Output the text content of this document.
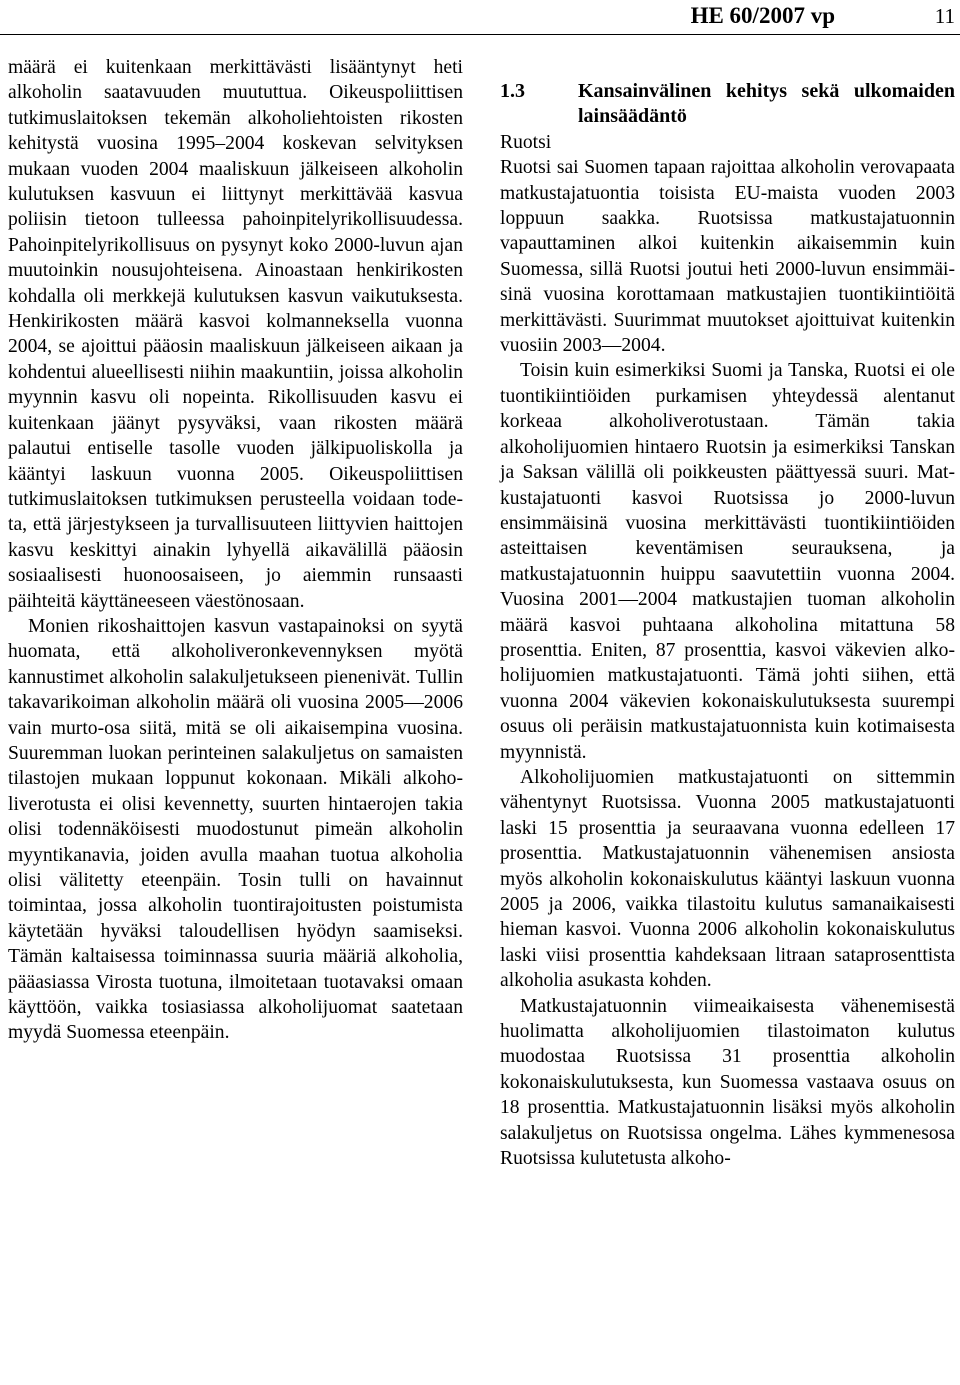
HE 60/2007 vp	11

määrä ei kuitenkaan merkittävästi lisääntynyt heti alkoholin saatavuuden muututtua. Oikeuspoliittisen tutkimuslaitoksen tekemän alkoholiehtoisten rikosten kehitystä vuosina 1995–2004 koskevan selvityksen mukaan vuoden 2004 maaliskuun jälkeiseen alkoholin kulutuksen kasvuun ei liittynyt merkittävää kasvua poliisin tietoon tulleessa pahoinpitelyrikollisuudessa. Pahoinpitelyrikollisuus on pysynyt koko 2000-luvun ajan muutoinkin nousujohteisena. Ainoastaan henkirikosten kohdalla oli merkkejä kulutuksen kasvun vaikutuksesta. Henkirikosten määrä kasvoi kolmanneksella vuonna 2004, se ajoittui pääosin maaliskuun jälkeiseen aikaan ja kohdentui alueellisesti niihin maakuntiin, joissa alkoholin myynnin kasvu oli nopeinta. Rikollisuuden kasvu ei kuitenkaan jäänyt pysyväksi, vaan rikosten määrä palautui entiselle tasolle vuoden jälkipuoliskolla ja kääntyi laskuun vuonna 2005. Oikeuspoliittisen tutkimuslaitoksen tutkimuksen perusteella voidaan todeta, että järjestykseen ja turvallisuuteen liittyvien haittojen kasvu keskittyi ainakin lyhyellä aikavälillä pääosin sosiaalisesti huonoosaiseen, jo aiemmin runsaasti päihteitä käyttäneeseen väestönosaan.

Monien rikoshaittojen kasvun vastapainoksi on syytä huomata, että alkoholiveronkevennyksen myötä kannustimet alkoholin salakuljetukseen pienenivät. Tullin takavarikoiman alkoholin määrä oli vuosina 2005—2006 vain murto-osa siitä, mitä se oli aikaisempina vuosina. Suuremman luokan perinteinen salakuljetus on samaisten tilastojen mukaan loppunut kokonaan. Mikäli alkoholiverotusta ei olisi kevennetty, suurten hintaerojen takia olisi todennäköisesti muodostunut pimeän alkoholin myyntikanavia, joiden avulla maahan tuotua alkoholia olisi välitetty eteenpäin. Tosin tulli on havainnut toimintaa, jossa alkoholin tuontirajoitusten poistumista käytetään hyväksi taloudellisen hyödyn saamiseksi. Tämän kaltaisessa toiminnassa suuria määriä alkoholia, pääasiassa Virosta tuotuna, ilmoitetaan tuotavaksi omaan käyttöön, vaikka tosiasiassa alkoholijuomat saatetaan myydä Suomessa eteenpäin.

1.3	Kansainvälinen kehitys sekä ulkomaiden lainsäädäntö

Ruotsi

Ruotsi sai Suomen tapaan rajoittaa alkoholin verovapaata matkustajatuontia toisista EU-maista vuoden 2003 loppuun saakka. Ruotsissa matkustajatuonnin vapauttaminen alkoi kuitenkin aikaisemmin kuin Suomessa, sillä Ruotsi joutui heti 2000-luvun ensimmäisinä vuosina korottamaan matkustajien tuontikiintiöitä merkittävästi. Suurimmat muutokset ajoittuivat kuitenkin vuosiin 2003—2004.

Toisin kuin esimerkiksi Suomi ja Tanska, Ruotsi ei ole tuontikiintiöiden purkamisen yhteydessä alentanut korkeaa alkoholiverotustaan. Tämän takia alkoholijuomien hintaero Ruotsin ja esimerkiksi Tanskan ja Saksan välillä oli poikkeusten päättyessä suuri. Matkustajatuonti kasvoi Ruotsissa jo 2000-luvun ensimmäisinä vuosina merkittävästi tuontikiintiöiden asteittaisen keventämisen seurauksena, ja matkustajatuonnin huippu saavutettiin vuonna 2004. Vuosina 2001—2004 matkustajien tuoman alkoholin määrä kasvoi puhtaana alkoholina mitattuna 58 prosenttia. Eniten, 87 prosenttia, kasvoi väkevien alkoholijuomien matkustajatuonti. Tämä johti siihen, että vuonna 2004 väkevien kokonaiskulutuksesta suurempi osuus oli peräisin matkustajatuonnista kuin kotimaisesta myynnistä.

Alkoholijuomien matkustajatuonti on sittemmin vähentynyt Ruotsissa. Vuonna 2005 matkustajatuonti laski 15 prosenttia ja seuraavana vuonna edelleen 17 prosenttia. Matkustajatuonnin vähenemisen ansiosta myös alkoholin kokonaiskulutus kääntyi laskuun vuonna 2005 ja 2006, vaikka tilastoitu kulutus samanaikaisesti hieman kasvoi. Vuonna 2006 alkoholin kokonaiskulutus laski viisi prosenttia kahdeksaan litraan sataprosenttista alkoholia asukasta kohden.

Matkustajatuonnin viimeaikaisesta vähenemisestä huolimatta alkoholijuomien tilastoimaton kulutus muodostaa Ruotsissa 31 prosenttia alkoholin kokonaiskulutuksesta, kun Suomessa vastaava osuus on 18 prosenttia. Matkustajatuonnin lisäksi myös alkoholin salakuljetus on Ruotsissa ongelma. Lähes kymmenesosa Ruotsissa kulutetusta alkoho-
